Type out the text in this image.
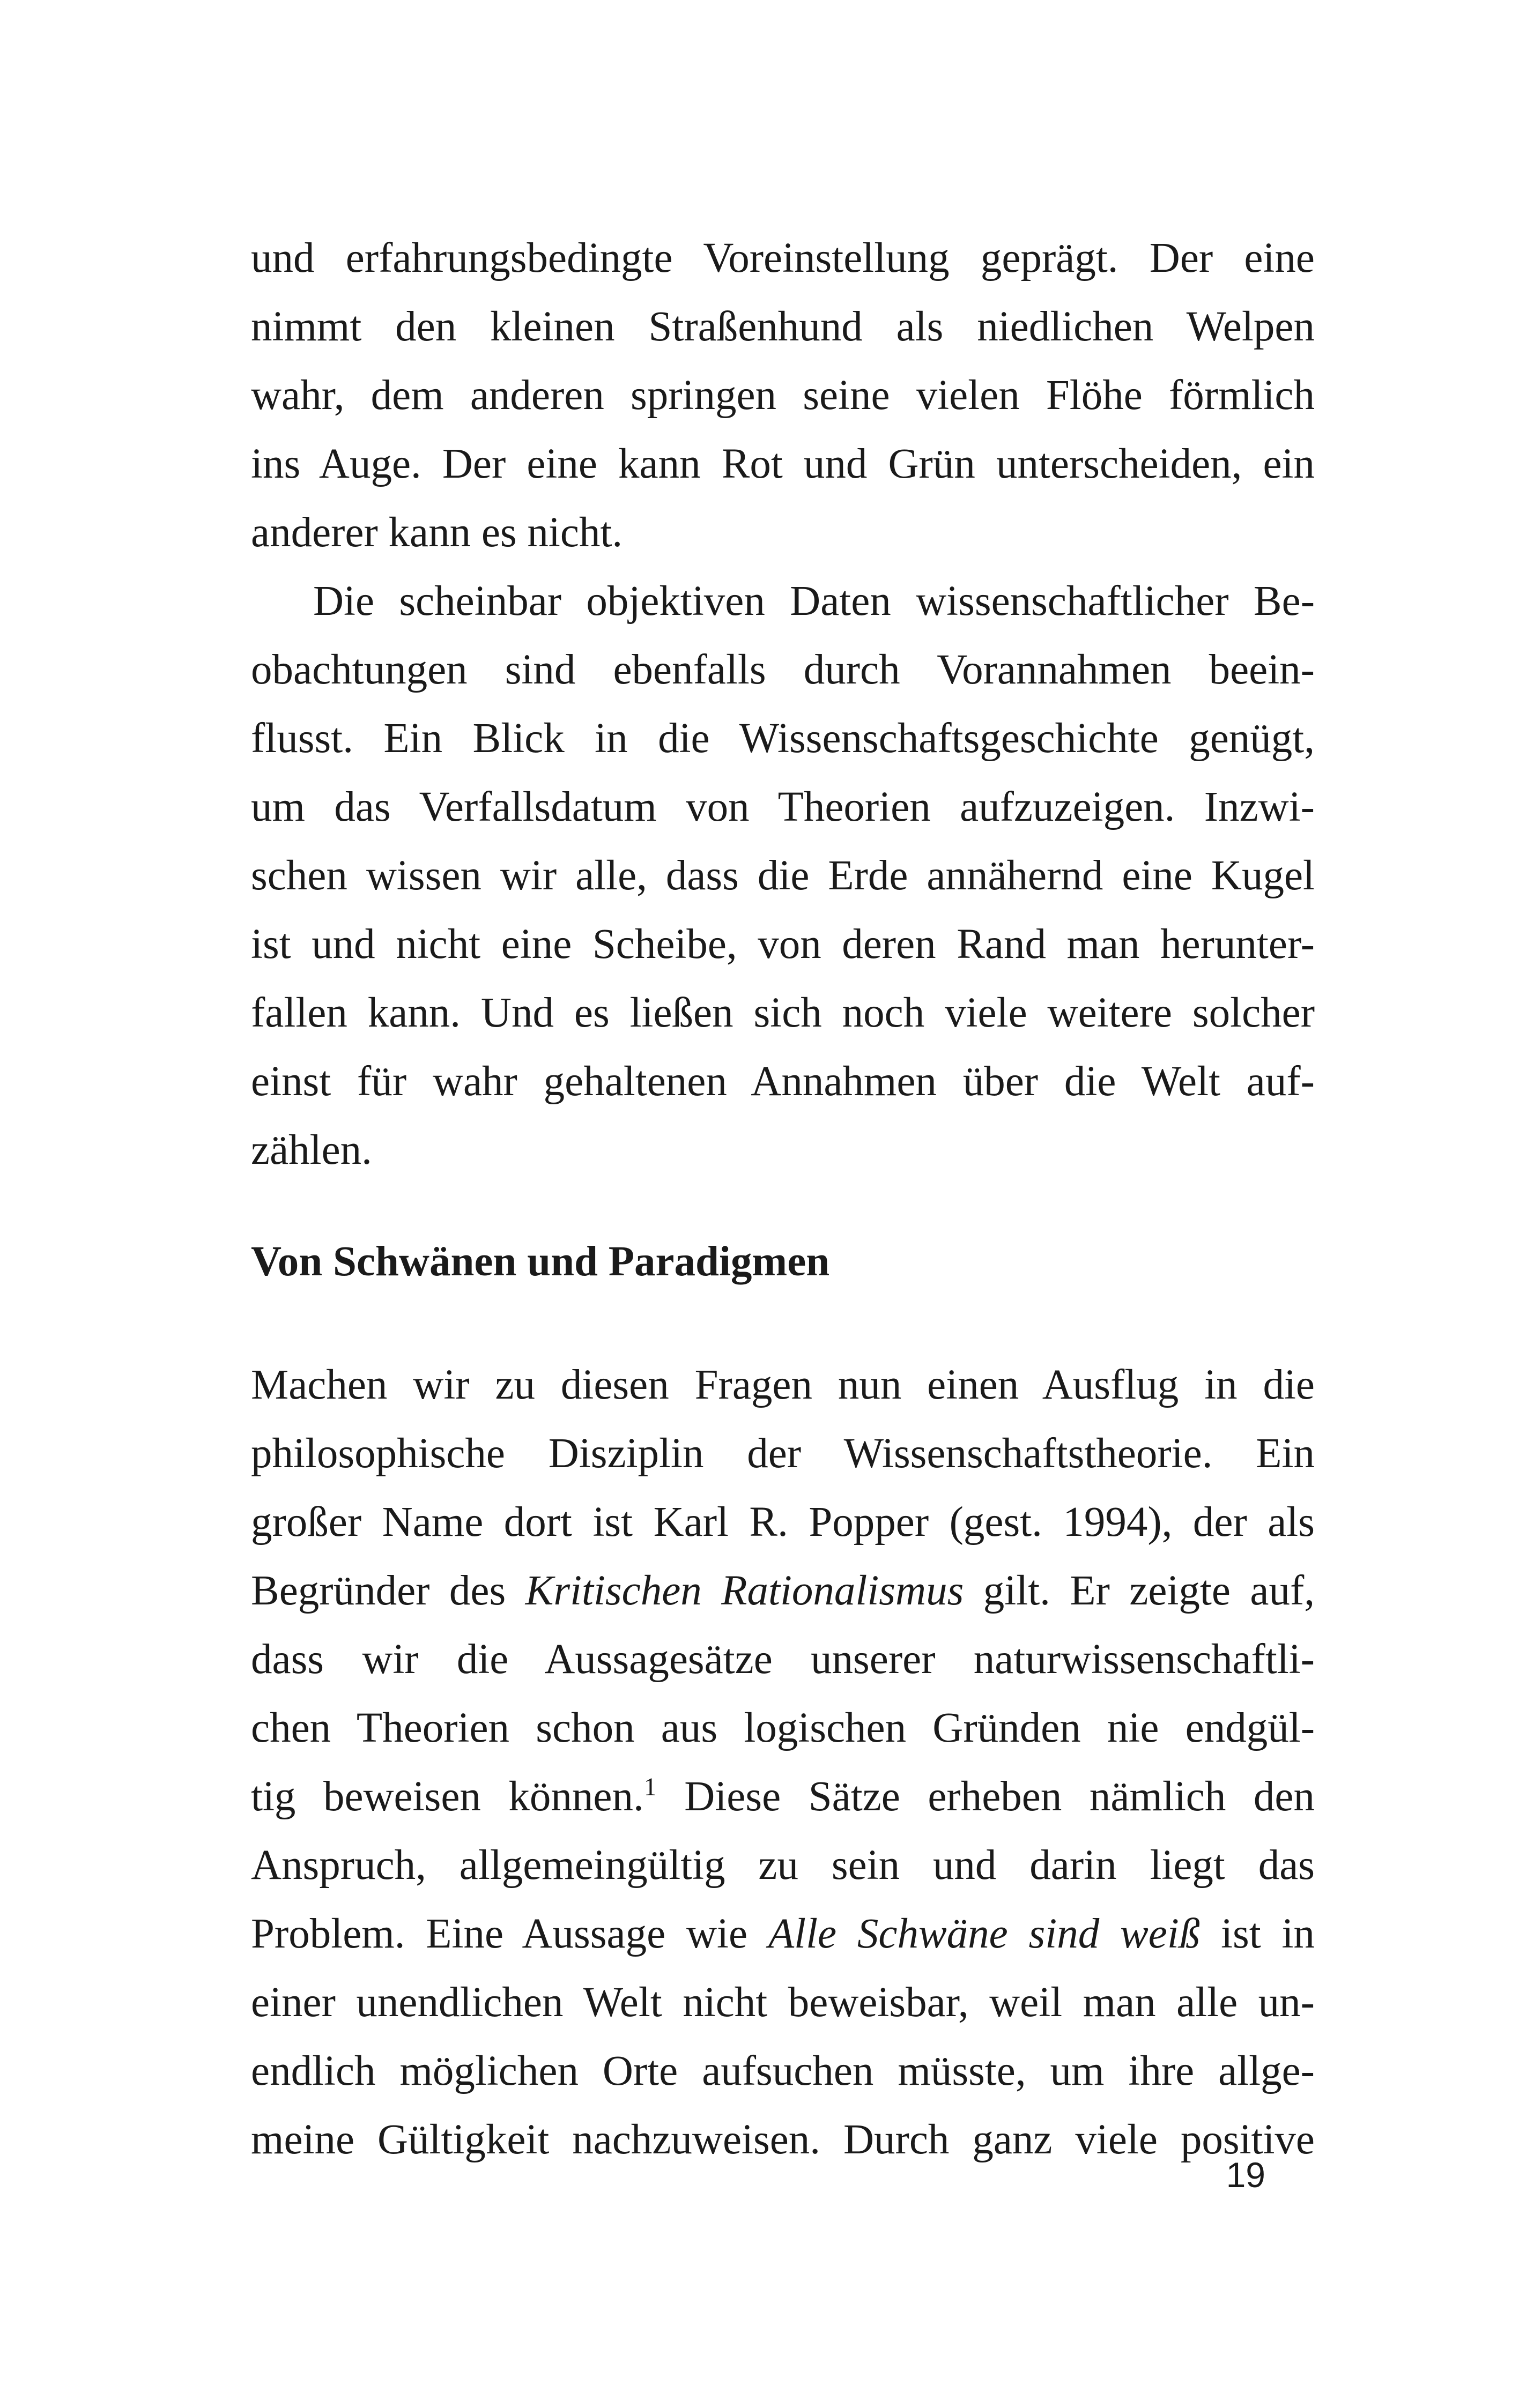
und erfahrungsbedingte Voreinstellung geprägt. Der eine
nimmt den kleinen Straßenhund als niedlichen Welpen
wahr, dem anderen springen seine vielen Flöhe förmlich
ins Auge. Der eine kann Rot und Grün unterscheiden, ein
anderer kann es nicht.
Die scheinbar objektiven Daten wissenschaftlicher Be-
obachtungen sind ebenfalls durch Vorannahmen beein-
flusst. Ein Blick in die Wissenschaftsgeschichte genügt,
um das Verfallsdatum von Theorien aufzuzeigen. Inzwi-
schen wissen wir alle, dass die Erde annähernd eine Kugel
ist und nicht eine Scheibe, von deren Rand man herunter-
fallen kann. Und es ließen sich noch viele weitere solcher
einst für wahr gehaltenen Annahmen über die Welt auf-
zählen.

Von Schwänen und Paradigmen

Machen wir zu diesen Fragen nun einen Ausflug in die
philosophische Disziplin der Wissenschaftstheorie. Ein
großer Name dort ist Karl R. Popper (gest. 1994), der als
Begründer des Kritischen Rationalismus gilt. Er zeigte auf,
dass wir die Aussagesätze unserer naturwissenschaftli-
chen Theorien schon aus logischen Gründen nie endgül-
tig beweisen können.$^1$ Diese Sätze erheben nämlich den
Anspruch, allgemeingültig zu sein und darin liegt das
Problem. Eine Aussage wie Alle Schwäne sind weiß ist in
einer unendlichen Welt nicht beweisbar, weil man alle un-
endlich möglichen Orte aufsuchen müsste, um ihre allge-
meine Gültigkeit nachzuweisen. Durch ganz viele positive

19
